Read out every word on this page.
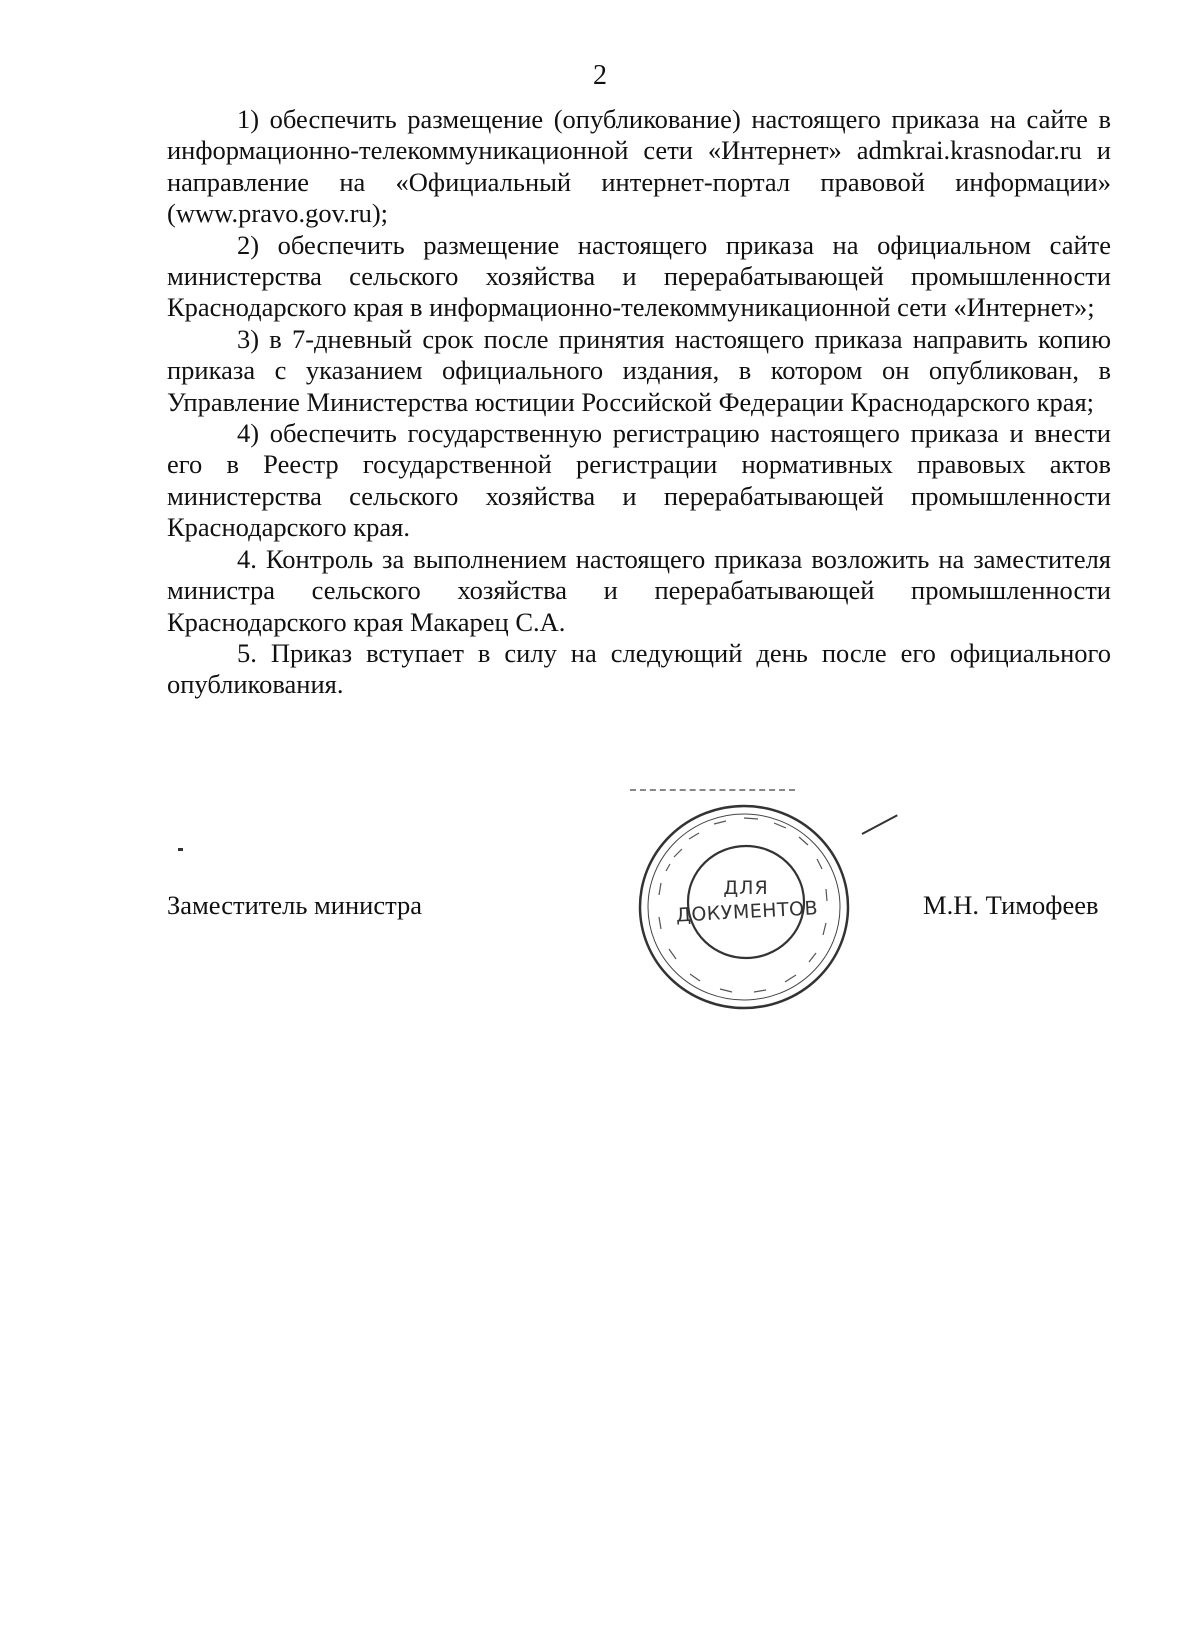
2

1) обеспечить размещение (опубликование) настоящего приказа на сайте в информационно-телекоммуникационной сети «Интернет» admkrai.krasnodar.ru и направление на «Официальный интернет-портал правовой информации» (www.pravo.gov.ru);

2) обеспечить размещение настоящего приказа на официальном сайте министерства сельского хозяйства и перерабатывающей промышленности Краснодарского края в информационно-телекоммуникационной сети «Интернет»;

3) в 7-дневный срок после принятия настоящего приказа направить копию приказа с указанием официального издания, в котором он опубликован, в Управление Министерства юстиции Российской Федерации Краснодарского края;

4) обеспечить государственную регистрацию настоящего приказа и внести его в Реестр государственной регистрации нормативных правовых актов министерства сельского хозяйства и перерабатывающей промышленности Краснодарского края.

4. Контроль за выполнением настоящего приказа возложить на заместителя министра сельского хозяйства и перерабатывающей промышленности Краснодарского края Макарец С.А.

5. Приказ вступает в силу на следующий день после его официального опубликования.

Заместитель министра	М.Н. Тимофеев
ДЛЯ
ДОКУМЕНТОВ
